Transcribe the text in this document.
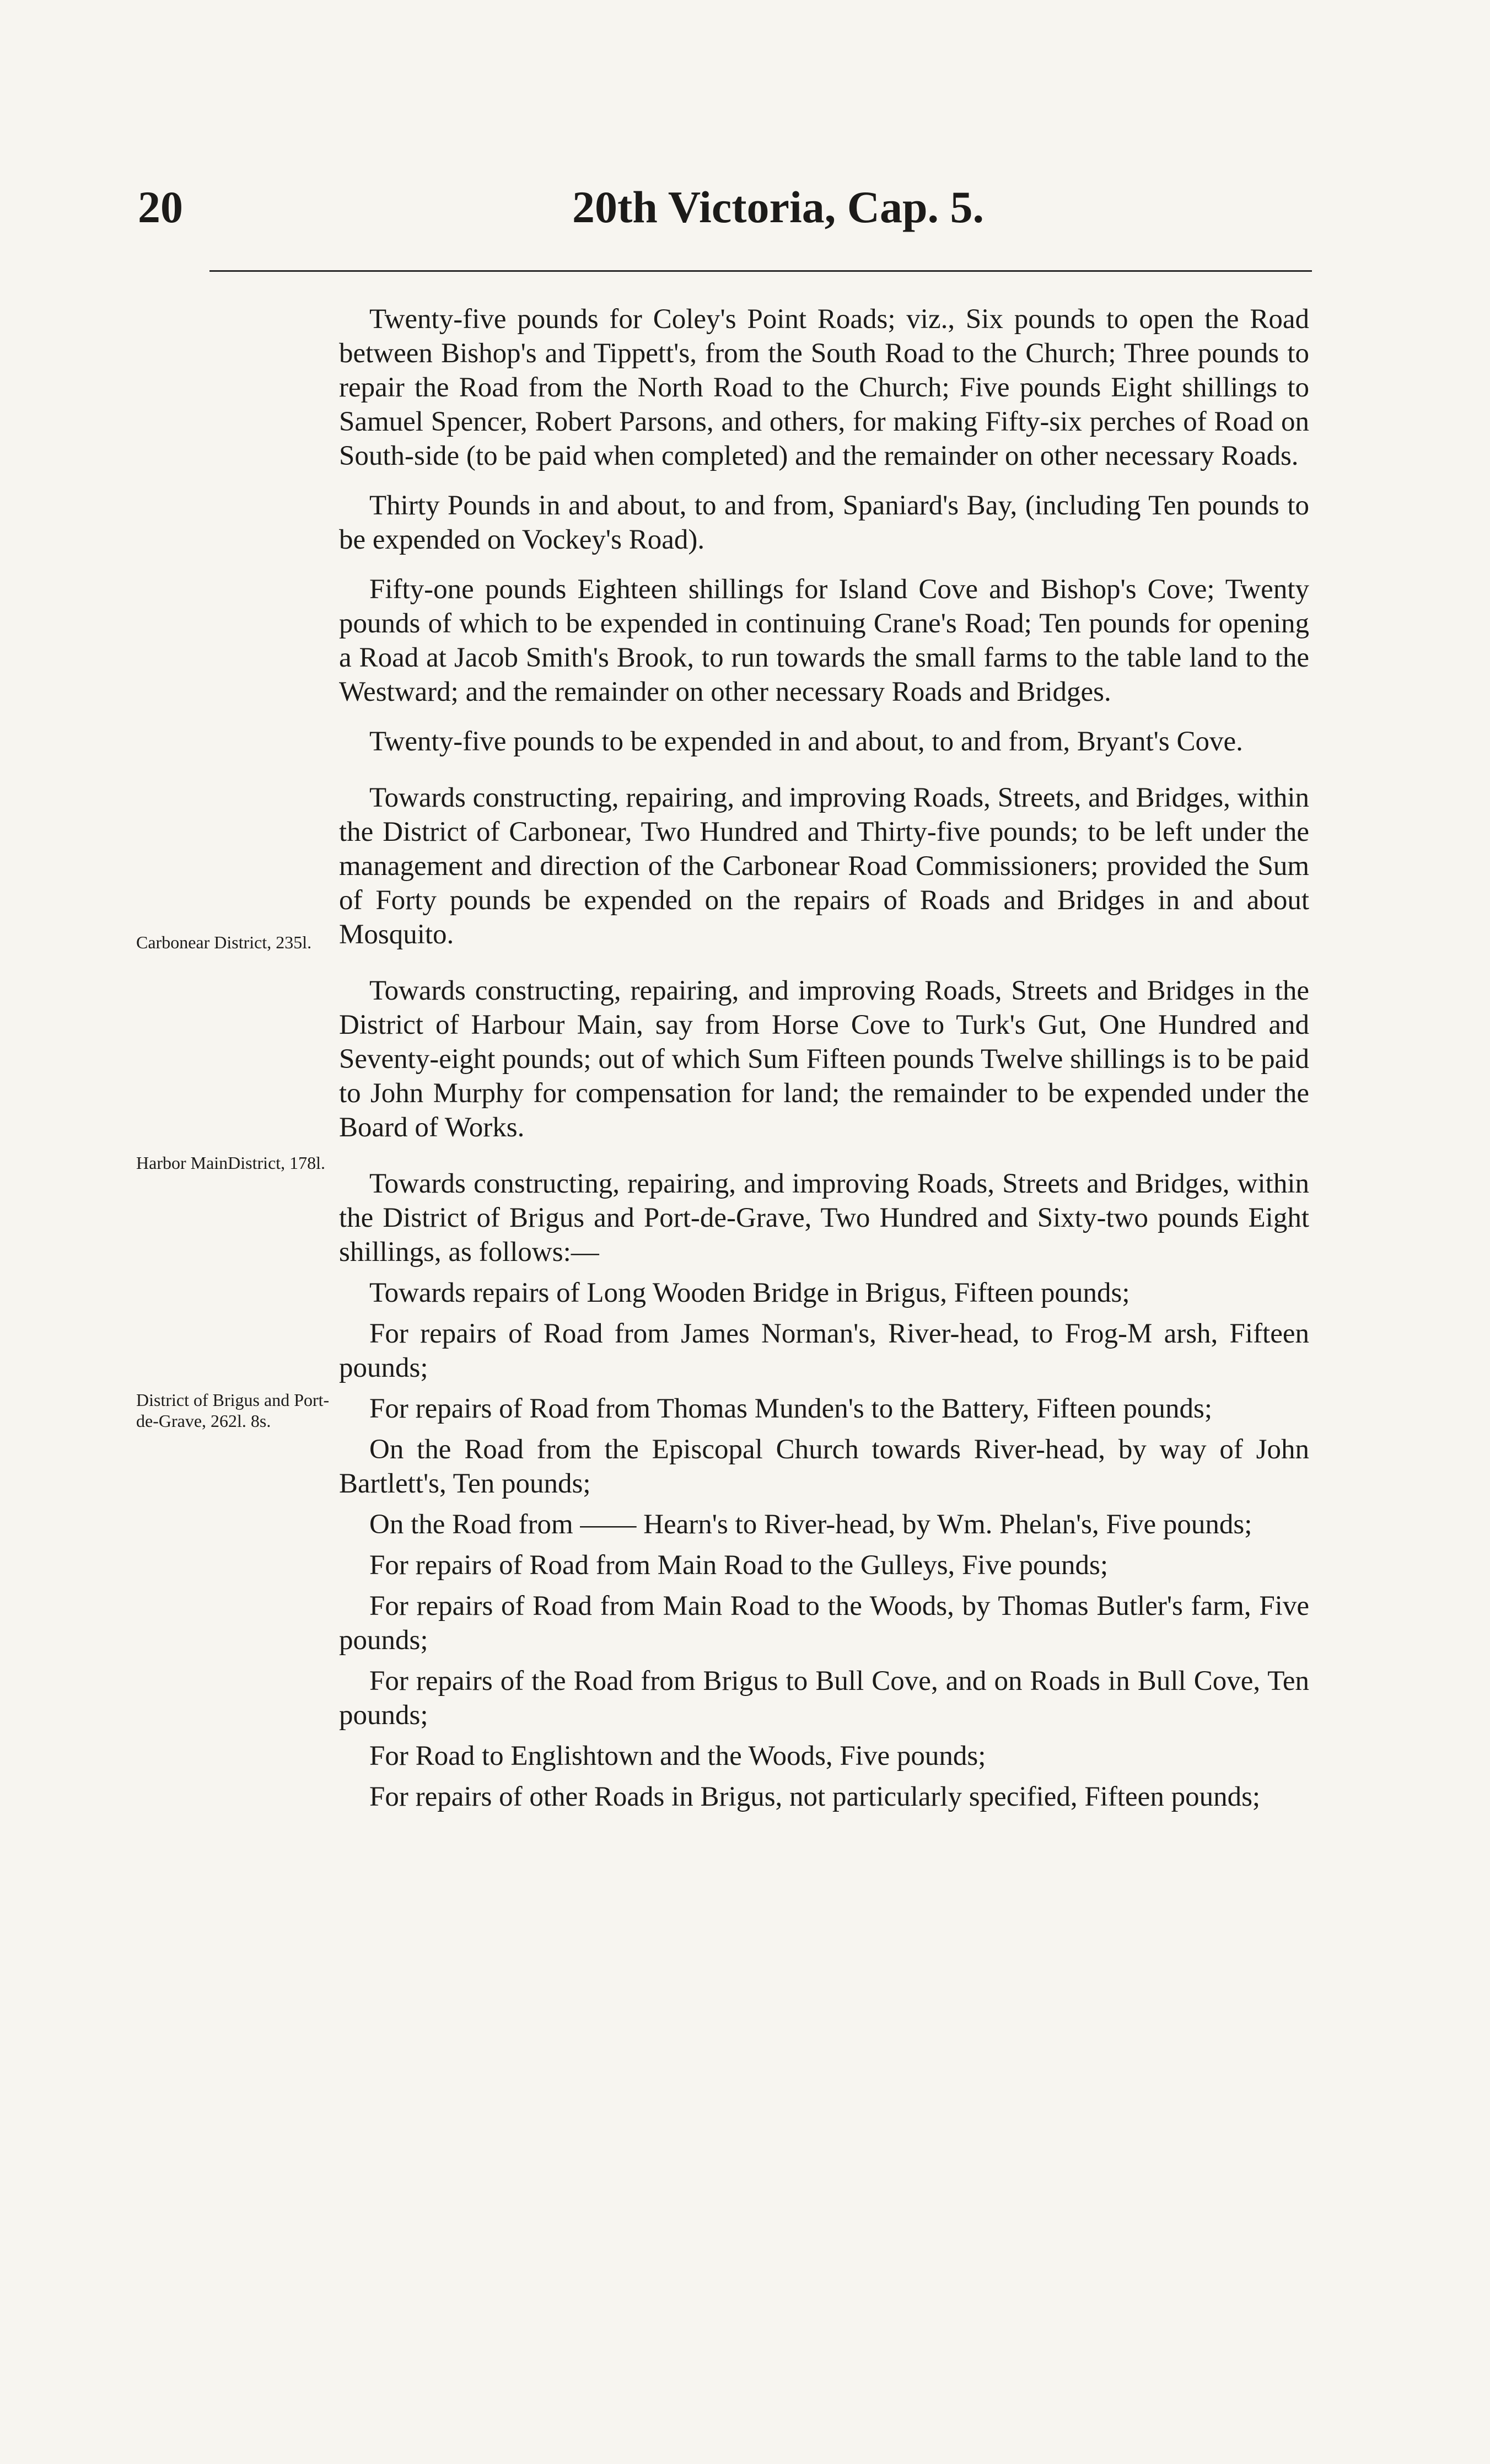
20	20th Victoria, Cap. 5.
Carbonear District, 235l.
Harbor MainDistrict, 178l.
District of Brigus and Port-de-Grave, 262l. 8s.

Twenty-five pounds for Coley's Point Roads; viz., Six pounds to open the Road between Bishop's and Tippett's, from the South Road to the Church; Three pounds to repair the Road from the North Road to the Church; Five pounds Eight shillings to Samuel Spencer, Robert Parsons, and others, for making Fifty-six perches of Road on South-side (to be paid when completed) and the remainder on other necessary Roads.

Thirty Pounds in and about, to and from, Spaniard's Bay, (including Ten pounds to be expended on Vockey's Road).

Fifty-one pounds Eighteen shillings for Island Cove and Bishop's Cove; Twenty pounds of which to be expended in continuing Crane's Road; Ten pounds for opening a Road at Jacob Smith's Brook, to run towards the small farms to the table land to the Westward; and the remainder on other necessary Roads and Bridges.

Twenty-five pounds to be expended in and about, to and from, Bryant's Cove.

Towards constructing, repairing, and improving Roads, Streets, and Bridges, within the District of Carbonear, Two Hundred and Thirty-five pounds; to be left under the management and direction of the Carbonear Road Commissioners; provided the Sum of Forty pounds be expended on the repairs of Roads and Bridges in and about Mosquito.

Towards constructing, repairing, and improving Roads, Streets and Bridges in the District of Harbour Main, say from Horse Cove to Turk's Gut, One Hundred and Seventy-eight pounds; out of which Sum Fifteen pounds Twelve shillings is to be paid to John Murphy for compensation for land; the remainder to be expended under the Board of Works.

Towards constructing, repairing, and improving Roads, Streets and Bridges, within the District of Brigus and Port-de-Grave, Two Hundred and Sixty-two pounds Eight shillings, as follows:—

Towards repairs of Long Wooden Bridge in Brigus, Fifteen pounds;

For repairs of Road from James Norman's, River-head, to Frog-M arsh, Fifteen pounds;

For repairs of Road from Thomas Munden's to the Battery, Fifteen pounds;

On the Road from the Episcopal Church towards River-head, by way of John Bartlett's, Ten pounds;

On the Road from —— Hearn's to River-head, by Wm. Phelan's, Five pounds;

For repairs of Road from Main Road to the Gulleys, Five pounds;

For repairs of Road from Main Road to the Woods, by Thomas Butler's farm, Five pounds;

For repairs of the Road from Brigus to Bull Cove, and on Roads in Bull Cove, Ten pounds;

For Road to Englishtown and the Woods, Five pounds;

For repairs of other Roads in Brigus, not particularly specified, Fifteen pounds;
